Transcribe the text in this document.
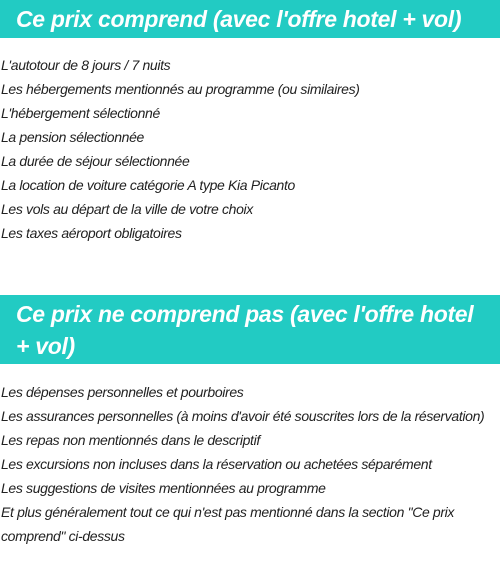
Ce prix comprend (avec l'offre hotel + vol)
L'autotour de 8 jours / 7 nuits
Les hébergements mentionnés au programme (ou similaires)
L'hébergement sélectionné
La pension sélectionnée
La durée de séjour sélectionnée
La location de voiture catégorie A type Kia Picanto
Les vols au départ de la ville de votre choix
Les taxes aéroport obligatoires
Ce prix ne comprend pas (avec l'offre hotel + vol)
Les dépenses personnelles et pourboires
Les assurances personnelles (à moins d'avoir été souscrites lors de la réservation)
Les repas non mentionnés dans le descriptif
Les excursions non incluses dans la réservation ou achetées séparément
Les suggestions de visites mentionnées au programme
Et plus généralement tout ce qui n'est pas mentionné dans la section "Ce prix comprend" ci-dessus
